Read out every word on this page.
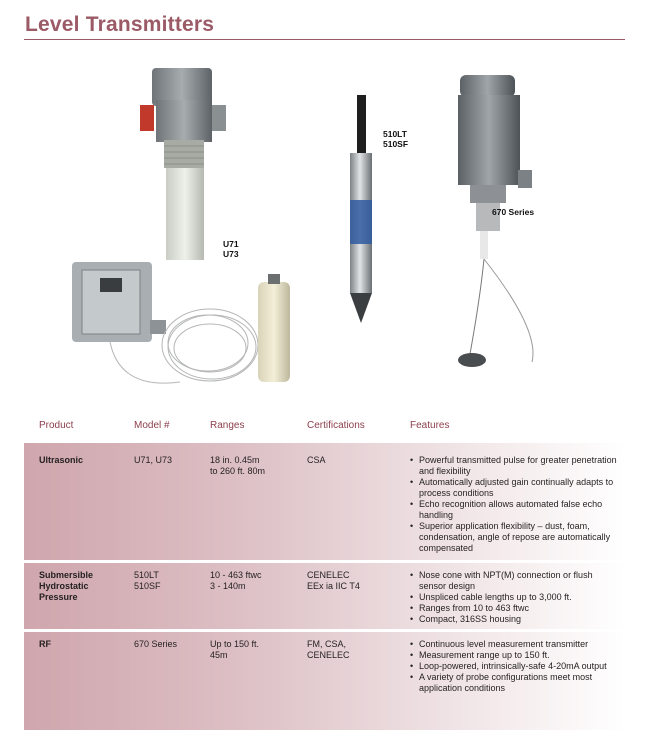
Level Transmitters
U71
U73
510LT
510SF
670 Series
Product	Model #	Ranges	Certifications	Features
Ultrasonic	U71, U73	18 in. 0.45m
to 260 ft. 80m
CSA
•	Powerful transmitted pulse for greater penetration and flexibility
• Automatically adjusted gain continually adapts to process conditions
• Echo recognition allows automated false echo handling
• Superior application flexibility – dust, foam, condensation, angle of repose are automatically compensated
Submersible
Hydrostatic
Pressure
510LT
510SF
10 - 463 ftwc
3 - 140m
CENELEC
EEx ia IIC T4
• Nose cone with NPT(M) connection or flush sensor design
• Unspliced cable lengths up to 3,000 ft.
• Ranges from 10 to 463 ftwc
• Compact, 316SS housing
RF	670 Series	Up to 150 ft.
45m
FM, CSA,
CENELEC
• Continuous level measurement transmitter
• Measurement range up to 150 ft.
• Loop-powered, intrinsically-safe 4-20mA output
• A variety of probe configurations meet most application conditions
